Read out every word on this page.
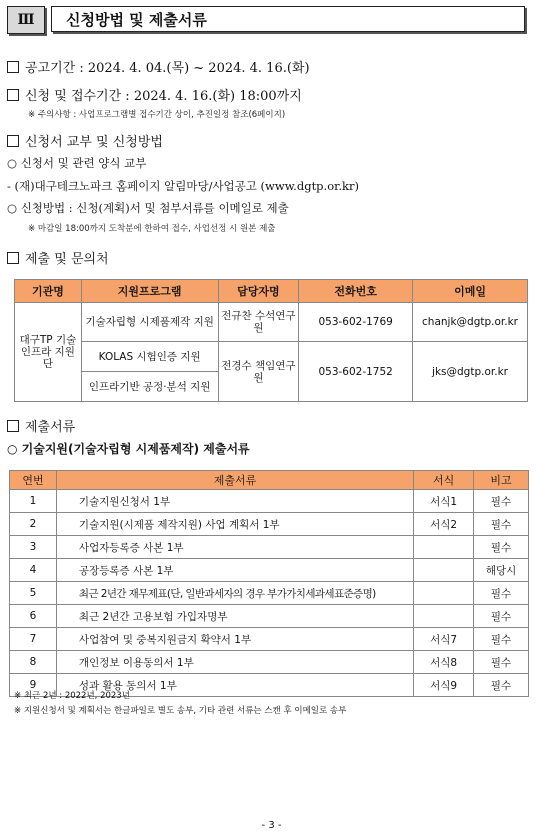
Ⅲ	신청방법 및 제출서류
공고기간 : 2024. 4. 04.(목) ~ 2024. 4. 16.(화)
신청 및 접수기간 : 2024. 4. 16.(화) 18:00까지
※ 주의사항 : 사업프로그램별 접수기간 상이, 추진일정 참조(6페이지)
신청서 교부 및 신청방법
○ 신청서 및 관련 양식 교부
- (재)대구테크노파크 홈페이지 알림마당/사업공고 (www.dgtp.or.kr)
○ 신청방법 : 신청(계획)서 및 첨부서류를 이메일로 제출
※ 마감일 18:00까지 도착분에 한하여 접수, 사업선정 시 원본 제출
제출 및 문의처
기관명	지원프로그램	담당자명	전화번호	이메일
대구TP 기술인프라 지원단	기술자립형 시제품제작 지원	전규찬 수석연구원	053-602-1769	chanjk@dgtp.or.kr
	KOLAS 시험인증 지원	전경수 책임연구원	053-602-1752	jks@dgtp.or.kr
	인프라기반 공정·분석 지원			
제출서류
○ 기술지원(기술자립형 시제품제작) 제출서류
연번	제출서류	서식	비고
1	기술지원신청서 1부	서식1	필수
2	기술지원(시제품 제작지원) 사업 계획서 1부	서식2	필수
3	사업자등록증 사본 1부		필수
4	공장등록증 사본 1부		해당시
5	최근 2년간 재무제표(단, 일반과세자의 경우 부가가치세과세표준증명)		필수
6	최근 2년간 고용보험 가입자명부		필수
7	사업참여 및 중복지원금지 확약서 1부	서식7	필수
8	개인정보 이용동의서 1부	서식8	필수
9	성과 활용 동의서 1부	서식9	필수
※ 최근 2년 : 2022년, 2023년
※ 지원신청서 및 계획서는 한글파일로 별도 송부, 기타 관련 서류는 스캔 후 이메일로 송부
- 3 -
